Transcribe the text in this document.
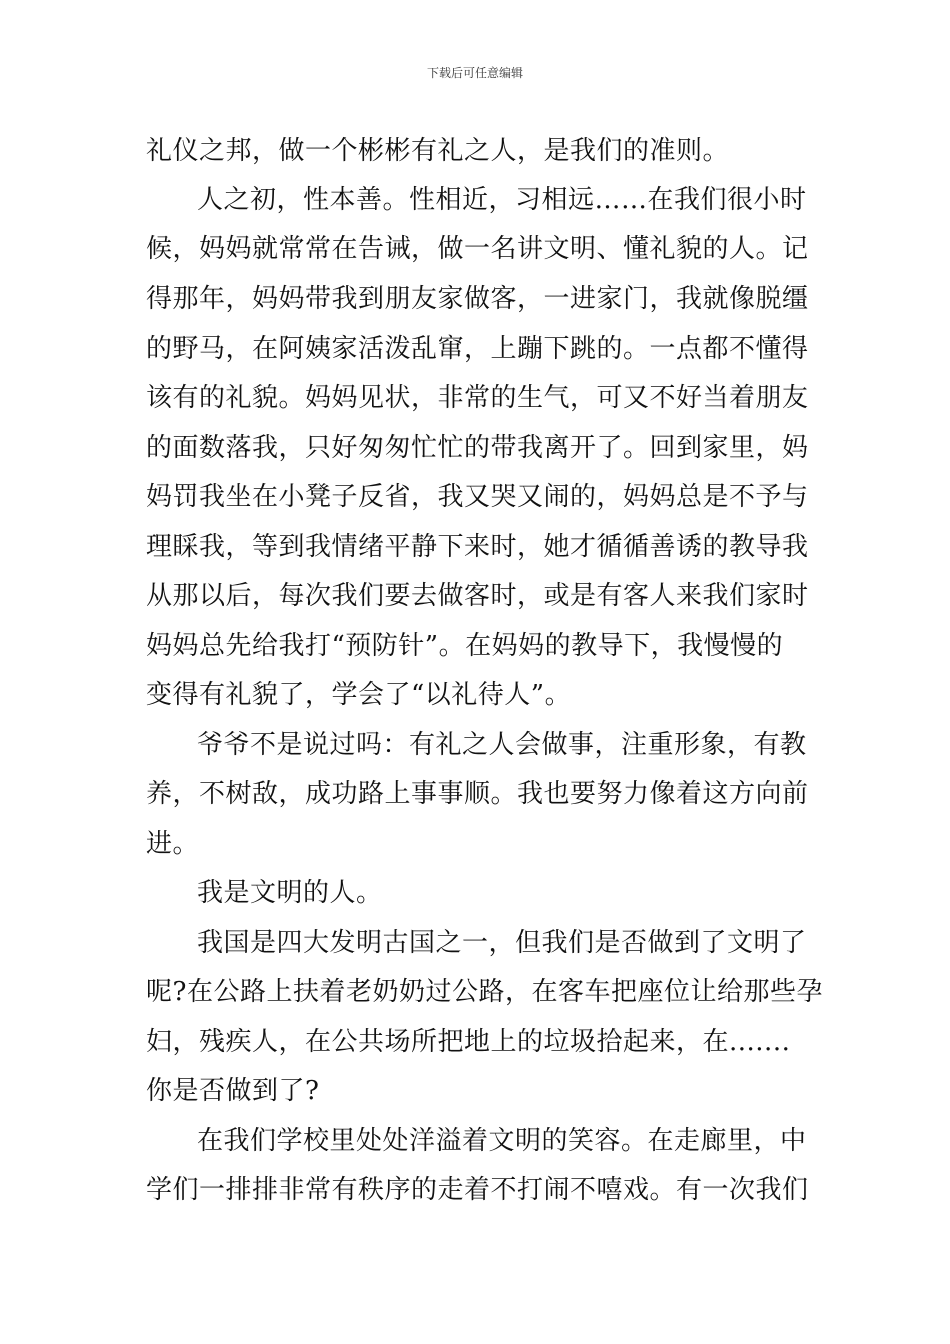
下载后可任意编辑
礼仪之邦，做一个彬彬有礼之人，是我们的准则。
人之初，性本善。性相近，习相远……在我们很小时
候，妈妈就常常在告诫，做一名讲文明、懂礼貌的人。记
得那年，妈妈带我到朋友家做客，一进家门，我就像脱缰
的野马，在阿姨家活泼乱窜，上蹦下跳的。一点都不懂得
该有的礼貌。妈妈见状，非常的生气，可又不好当着朋友
的面数落我，只好匆匆忙忙的带我离开了。回到家里，妈
妈罚我坐在小凳子反省，我又哭又闹的，妈妈总是不予与
理睬我，等到我情绪平静下来时，她才循循善诱的教导我
从那以后，每次我们要去做客时，或是有客人来我们家时
妈妈总先给我打“预防针”。在妈妈的教导下，我慢慢的
变得有礼貌了，学会了“以礼待人”。
爷爷不是说过吗：有礼之人会做事，注重形象，有教
养，不树敌，成功路上事事顺。我也要努力像着这方向前
进。
我是文明的人。
我国是四大发明古国之一，但我们是否做到了文明了
呢?在公路上扶着老奶奶过公路，在客车把座位让给那些孕
妇，残疾人，在公共场所把地上的垃圾拾起来，在.......
你是否做到了?
在我们学校里处处洋溢着文明的笑容。在走廊里，中
学们一排排非常有秩序的走着不打闹不嘻戏。有一次我们
